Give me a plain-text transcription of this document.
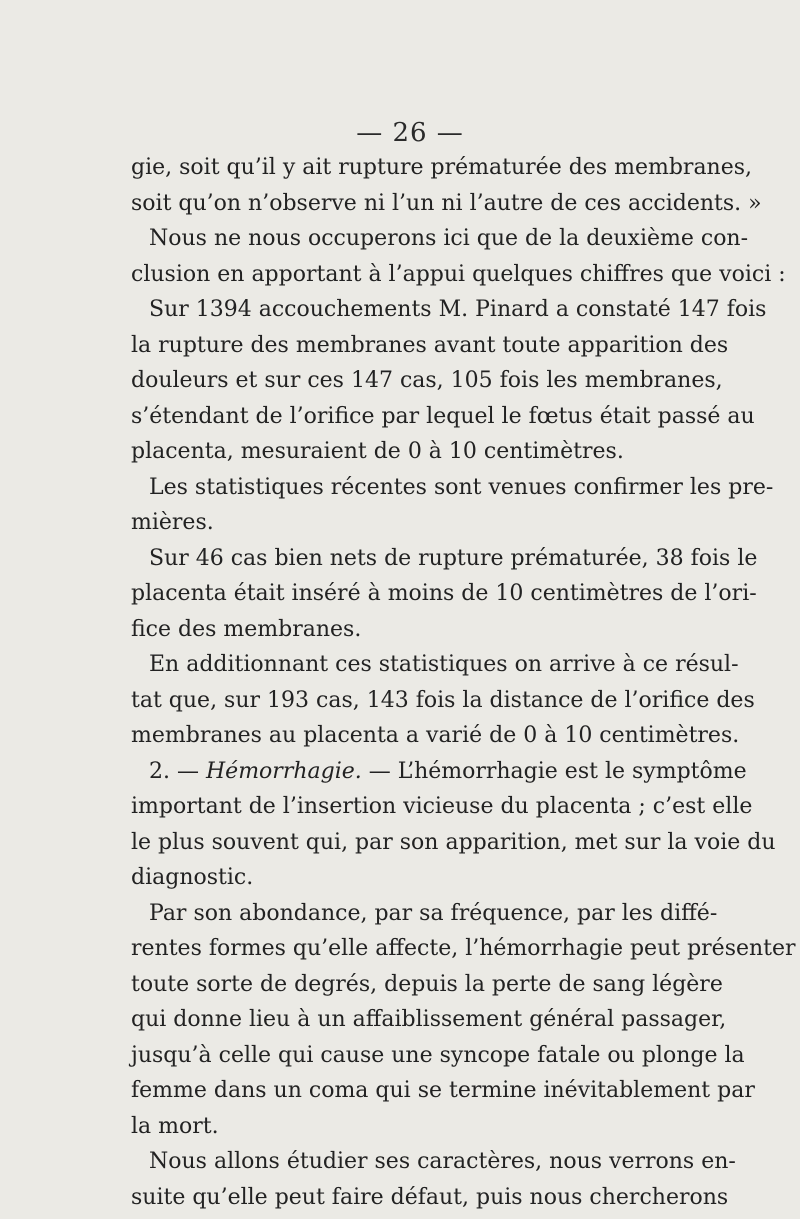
— 26 —
gie, soit qu’il y ait rupture prématurée des membranes,
soit qu’on n’observe ni l’un ni l’autre de ces accidents. »
Nous ne nous occuperons ici que de la deuxième con-
clusion en apportant à l’appui quelques chiffres que voici :
Sur 1394 accouchements M. Pinard a constaté 147 fois
la rupture des membranes avant toute apparition des
douleurs et sur ces 147 cas, 105 fois les membranes,
s’étendant de l’orifice par lequel le fœtus était passé au
placenta, mesuraient de 0 à 10 centimètres.
Les statistiques récentes sont venues confirmer les pre-
mières.
Sur 46 cas bien nets de rupture prématurée, 38 fois le
placenta était inséré à moins de 10 centimètres de l’ori-
fice des membranes.
En additionnant ces statistiques on arrive à ce résul-
tat que, sur 193 cas, 143 fois la distance de l’orifice des
membranes au placenta a varié de 0 à 10 centimètres.
2. — Hémorrhagie. — L’hémorrhagie est le symptôme
important de l’insertion vicieuse du placenta ; c’est elle
le plus souvent qui, par son apparition, met sur la voie du
diagnostic.
Par son abondance, par sa fréquence, par les diffé-
rentes formes qu’elle affecte, l’hémorrhagie peut présenter
toute sorte de degrés, depuis la perte de sang légère
qui donne lieu à un affaiblissement général passager,
jusqu’à celle qui cause une syncope fatale ou plonge la
femme dans un coma qui se termine inévitablement par
la mort.
Nous allons étudier ses caractères, nous verrons en-
suite qu’elle peut faire défaut, puis nous chercherons
